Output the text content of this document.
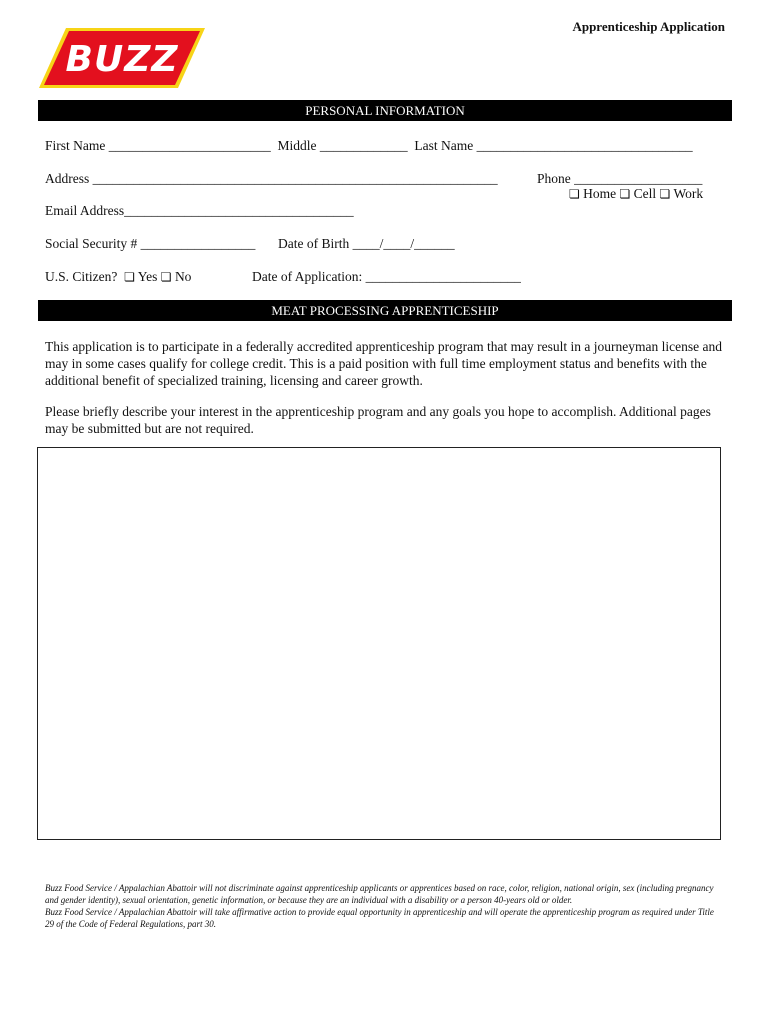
Apprenticeship Application
BUZZ
PERSONAL INFORMATION
First Name ________________________ Middle _____________ Last Name ________________________________
Address ____________________________________________________________	Phone ___________________
❏ Home ❏ Cell ❏ Work
Email Address__________________________________
Social Security # _________________ Date of Birth ____/____/______
U.S. Citizen? ❏ Yes ❏ No	Date of Application: _______________________
MEAT PROCESSING APPRENTICESHIP

This application is to participate in a federally accredited apprenticeship program that may result in a journeyman license and may in some cases qualify for college credit. This is a paid position with full time employment status and benefits with the additional benefit of specialized training, licensing and career growth.

Please briefly describe your interest in the apprenticeship program and any goals you hope to accomplish. Additional pages may be submitted but are not required.

Buzz Food Service / Appalachian Abattoir will not discriminate against apprenticeship applicants or apprentices based on race, color, religion, national origin, sex (including pregnancy and gender identity), sexual orientation, genetic information, or because they are an individual with a disability or a person 40-years old or older.

Buzz Food Service / Appalachian Abattoir will take affirmative action to provide equal opportunity in apprenticeship and will operate the apprenticeship program as required under Title 29 of the Code of Federal Regulations, part 30.
